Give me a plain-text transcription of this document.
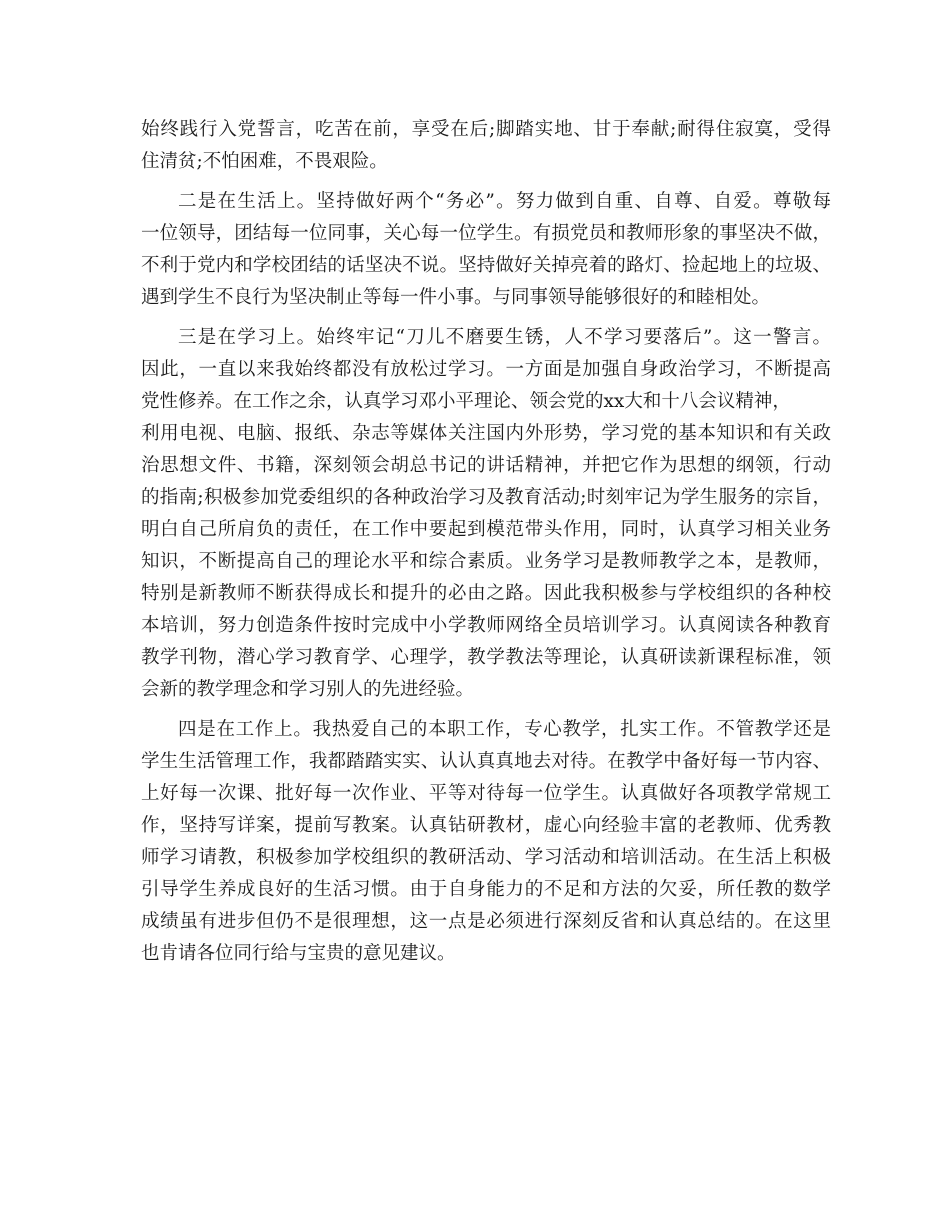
始终践行入党誓言，吃苦在前，享受在后;脚踏实地、甘于奉献;耐得住寂寞，受得
住清贫;不怕困难，不畏艰险。
二是在生活上。坚持做好两个“务必”。努力做到自重、自尊、自爱。尊敬每
一位领导，团结每一位同事，关心每一位学生。有损党员和教师形象的事坚决不做，
不利于党内和学校团结的话坚决不说。坚持做好关掉亮着的路灯、捡起地上的垃圾、
遇到学生不良行为坚决制止等每一件小事。与同事领导能够很好的和睦相处。
三是在学习上。始终牢记“刀儿不磨要生锈，人不学习要落后”。这一警言。
因此，一直以来我始终都没有放松过学习。一方面是加强自身政治学习，不断提高
党性修养。在工作之余，认真学习邓小平理论、领会党的xx大和十八会议精神，
利用电视、电脑、报纸、杂志等媒体关注国内外形势，学习党的基本知识和有关政
治思想文件、书籍，深刻领会胡总书记的讲话精神，并把它作为思想的纲领，行动
的指南;积极参加党委组织的各种政治学习及教育活动;时刻牢记为学生服务的宗旨，
明白自己所肩负的责任，在工作中要起到模范带头作用，同时，认真学习相关业务
知识，不断提高自己的理论水平和综合素质。业务学习是教师教学之本，是教师，
特别是新教师不断获得成长和提升的必由之路。因此我积极参与学校组织的各种校
本培训，努力创造条件按时完成中小学教师网络全员培训学习。认真阅读各种教育
教学刊物，潜心学习教育学、心理学，教学教法等理论，认真研读新课程标准，领
会新的教学理念和学习别人的先进经验。
四是在工作上。我热爱自己的本职工作，专心教学，扎实工作。不管教学还是
学生生活管理工作，我都踏踏实实、认认真真地去对待。在教学中备好每一节内容、
上好每一次课、批好每一次作业、平等对待每一位学生。认真做好各项教学常规工
作，坚持写详案，提前写教案。认真钻研教材，虚心向经验丰富的老教师、优秀教
师学习请教，积极参加学校组织的教研活动、学习活动和培训活动。在生活上积极
引导学生养成良好的生活习惯。由于自身能力的不足和方法的欠妥，所任教的数学
成绩虽有进步但仍不是很理想，这一点是必须进行深刻反省和认真总结的。在这里
也肯请各位同行给与宝贵的意见建议。
